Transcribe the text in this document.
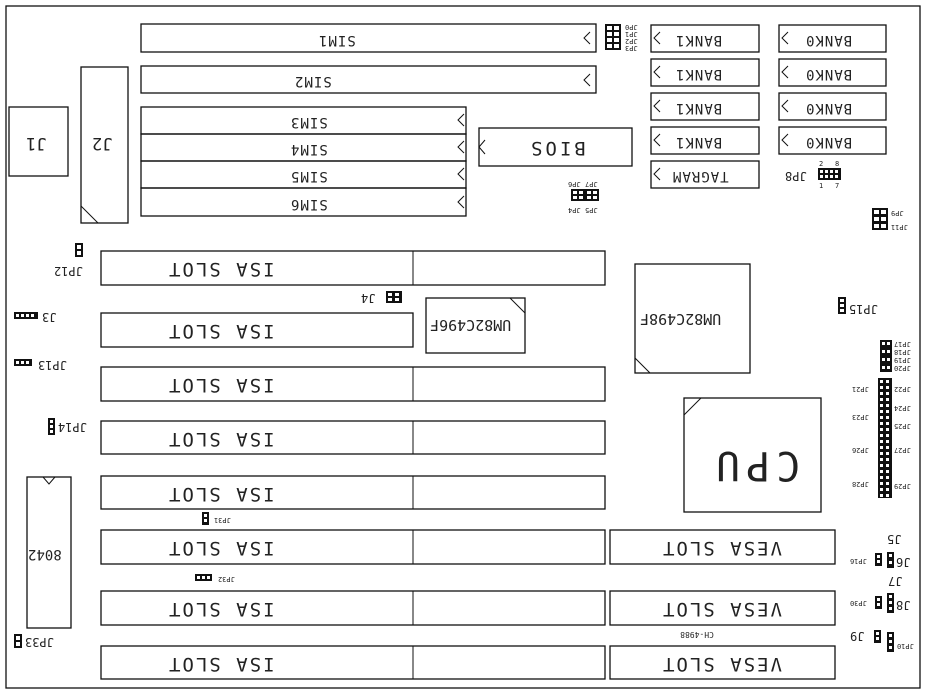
SIM1
SIM2
SIM3
SIM4
SIM5
SIM6
BANK1
BANK1
BANK1
BANK1
BANK0
BANK0
BANK0
BANK0
TAGRAM
JP0
JP1
JP2
JP3
BIOS
JP6 JP7
JP4 JP5
2 8
1 7
JP8
JP9
JP11
J1	J2
ISA SLOT
ISA SLOT
ISA SLOT
ISA SLOT
ISA SLOT
ISA SLOT
ISA SLOT
ISA SLOT
VESA SLOT
VESA SLOT
VESA SLOT
CH-4988
UM82C498F
UM82C496F
CPU
8042
JP12
J3
JP13
JP14
JP33
J4
JP31
JP32
JP15
JP17
JP18
JP19
JP20
JP21	JP22
JP23
JP24
JP25
JP26	JP27
JP28	JP29
J5
JP16 J6
J7
JP30 J8
J9
JP10
